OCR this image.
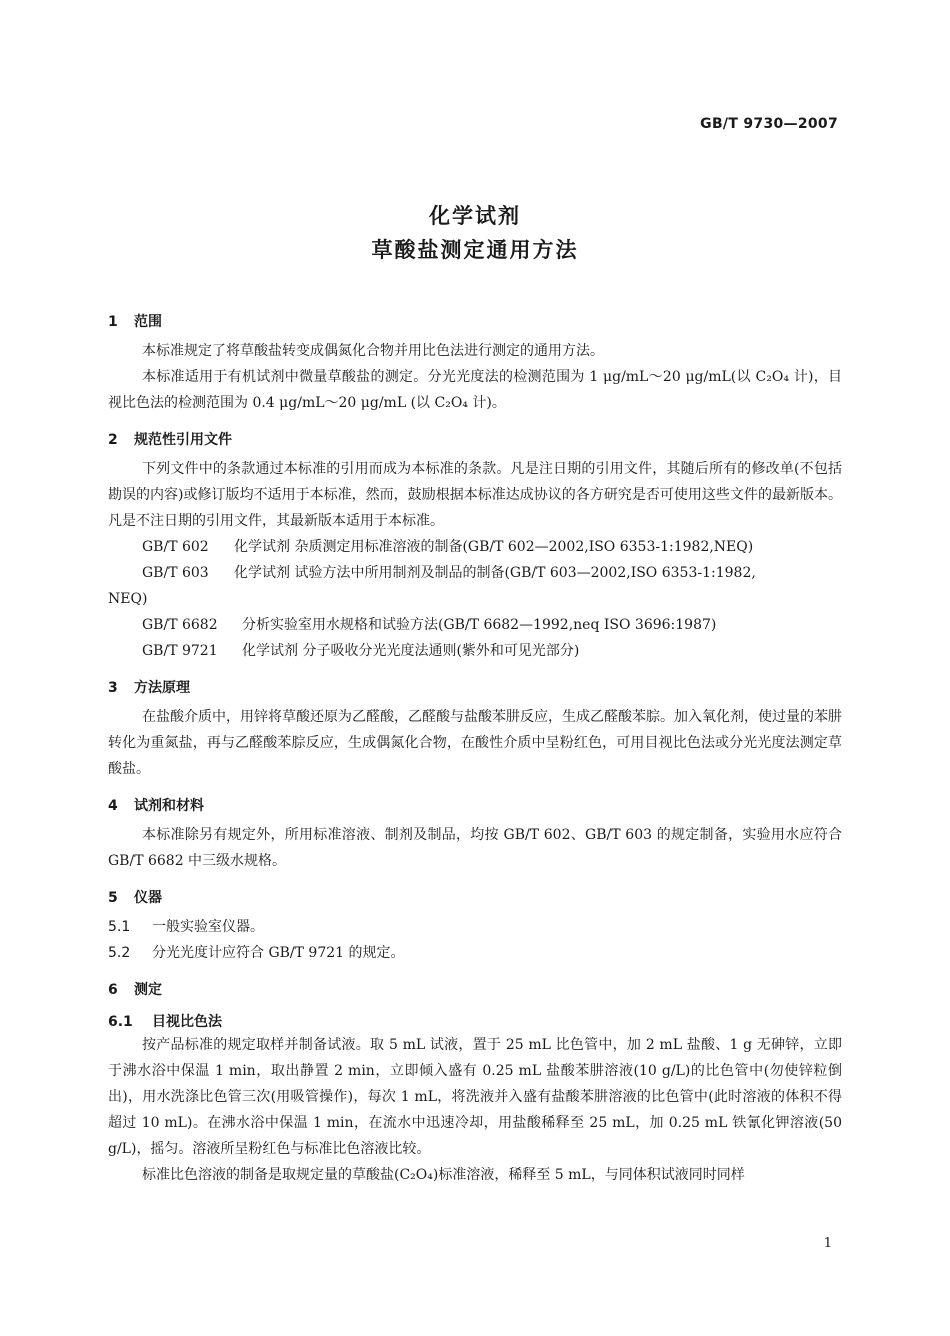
GB/T 9730—2007
化学试剂
草酸盐测定通用方法
1 范围

本标准规定了将草酸盐转变成偶氮化合物并用比色法进行测定的通用方法。

本标准适用于有机试剂中微量草酸盐的测定。分光光度法的检测范围为 1 μg/mL～20 μg/mL(以 C₂O₄ 计)，目视比色法的检测范围为 0.4 μg/mL～20 μg/mL (以 C₂O₄ 计)。

2 规范性引用文件

下列文件中的条款通过本标准的引用而成为本标准的条款。凡是注日期的引用文件，其随后所有的修改单(不包括勘误的内容)或修订版均不适用于本标准，然而，鼓励根据本标准达成协议的各方研究是否可使用这些文件的最新版本。凡是不注日期的引用文件，其最新版本适用于本标准。

GB/T 602 化学试剂 杂质测定用标准溶液的制备(GB/T 602—2002,ISO 6353-1:1982,NEQ)

GB/T 603 化学试剂 试验方法中所用制剂及制品的制备(GB/T 603—2002,ISO 6353-1:1982,

NEQ)

GB/T 6682 分析实验室用水规格和试验方法(GB/T 6682—1992,neq ISO 3696:1987)

GB/T 9721 化学试剂 分子吸收分光光度法通则(紫外和可见光部分)

3 方法原理

在盐酸介质中，用锌将草酸还原为乙醛酸，乙醛酸与盐酸苯肼反应，生成乙醛酸苯腙。加入氧化剂，使过量的苯肼转化为重氮盐，再与乙醛酸苯腙反应，生成偶氮化合物，在酸性介质中呈粉红色，可用目视比色法或分光光度法测定草酸盐。

4 试剂和材料

本标准除另有规定外，所用标准溶液、制剂及制品，均按 GB/T 602、GB/T 603 的规定制备，实验用水应符合 GB/T 6682 中三级水规格。

5 仪器

5.1 一般实验室仪器。

5.2 分光光度计应符合 GB/T 9721 的规定。

6 测定
6.1 目视比色法

按产品标准的规定取样并制备试液。取 5 mL 试液，置于 25 mL 比色管中，加 2 mL 盐酸、1 g 无砷锌，立即于沸水浴中保温 1 min，取出静置 2 min，立即倾入盛有 0.25 mL 盐酸苯肼溶液(10 g/L)的比色管中(勿使锌粒倒出)，用水洗涤比色管三次(用吸管操作)，每次 1 mL，将洗液并入盛有盐酸苯肼溶液的比色管中(此时溶液的体积不得超过 10 mL)。在沸水浴中保温 1 min，在流水中迅速冷却，用盐酸稀释至 25 mL，加 0.25 mL 铁氰化钾溶液(50 g/L)，摇匀。溶液所呈粉红色与标准比色溶液比较。

标准比色溶液的制备是取规定量的草酸盐(C₂O₄)标准溶液，稀释至 5 mL，与同体积试液同时同样

1
